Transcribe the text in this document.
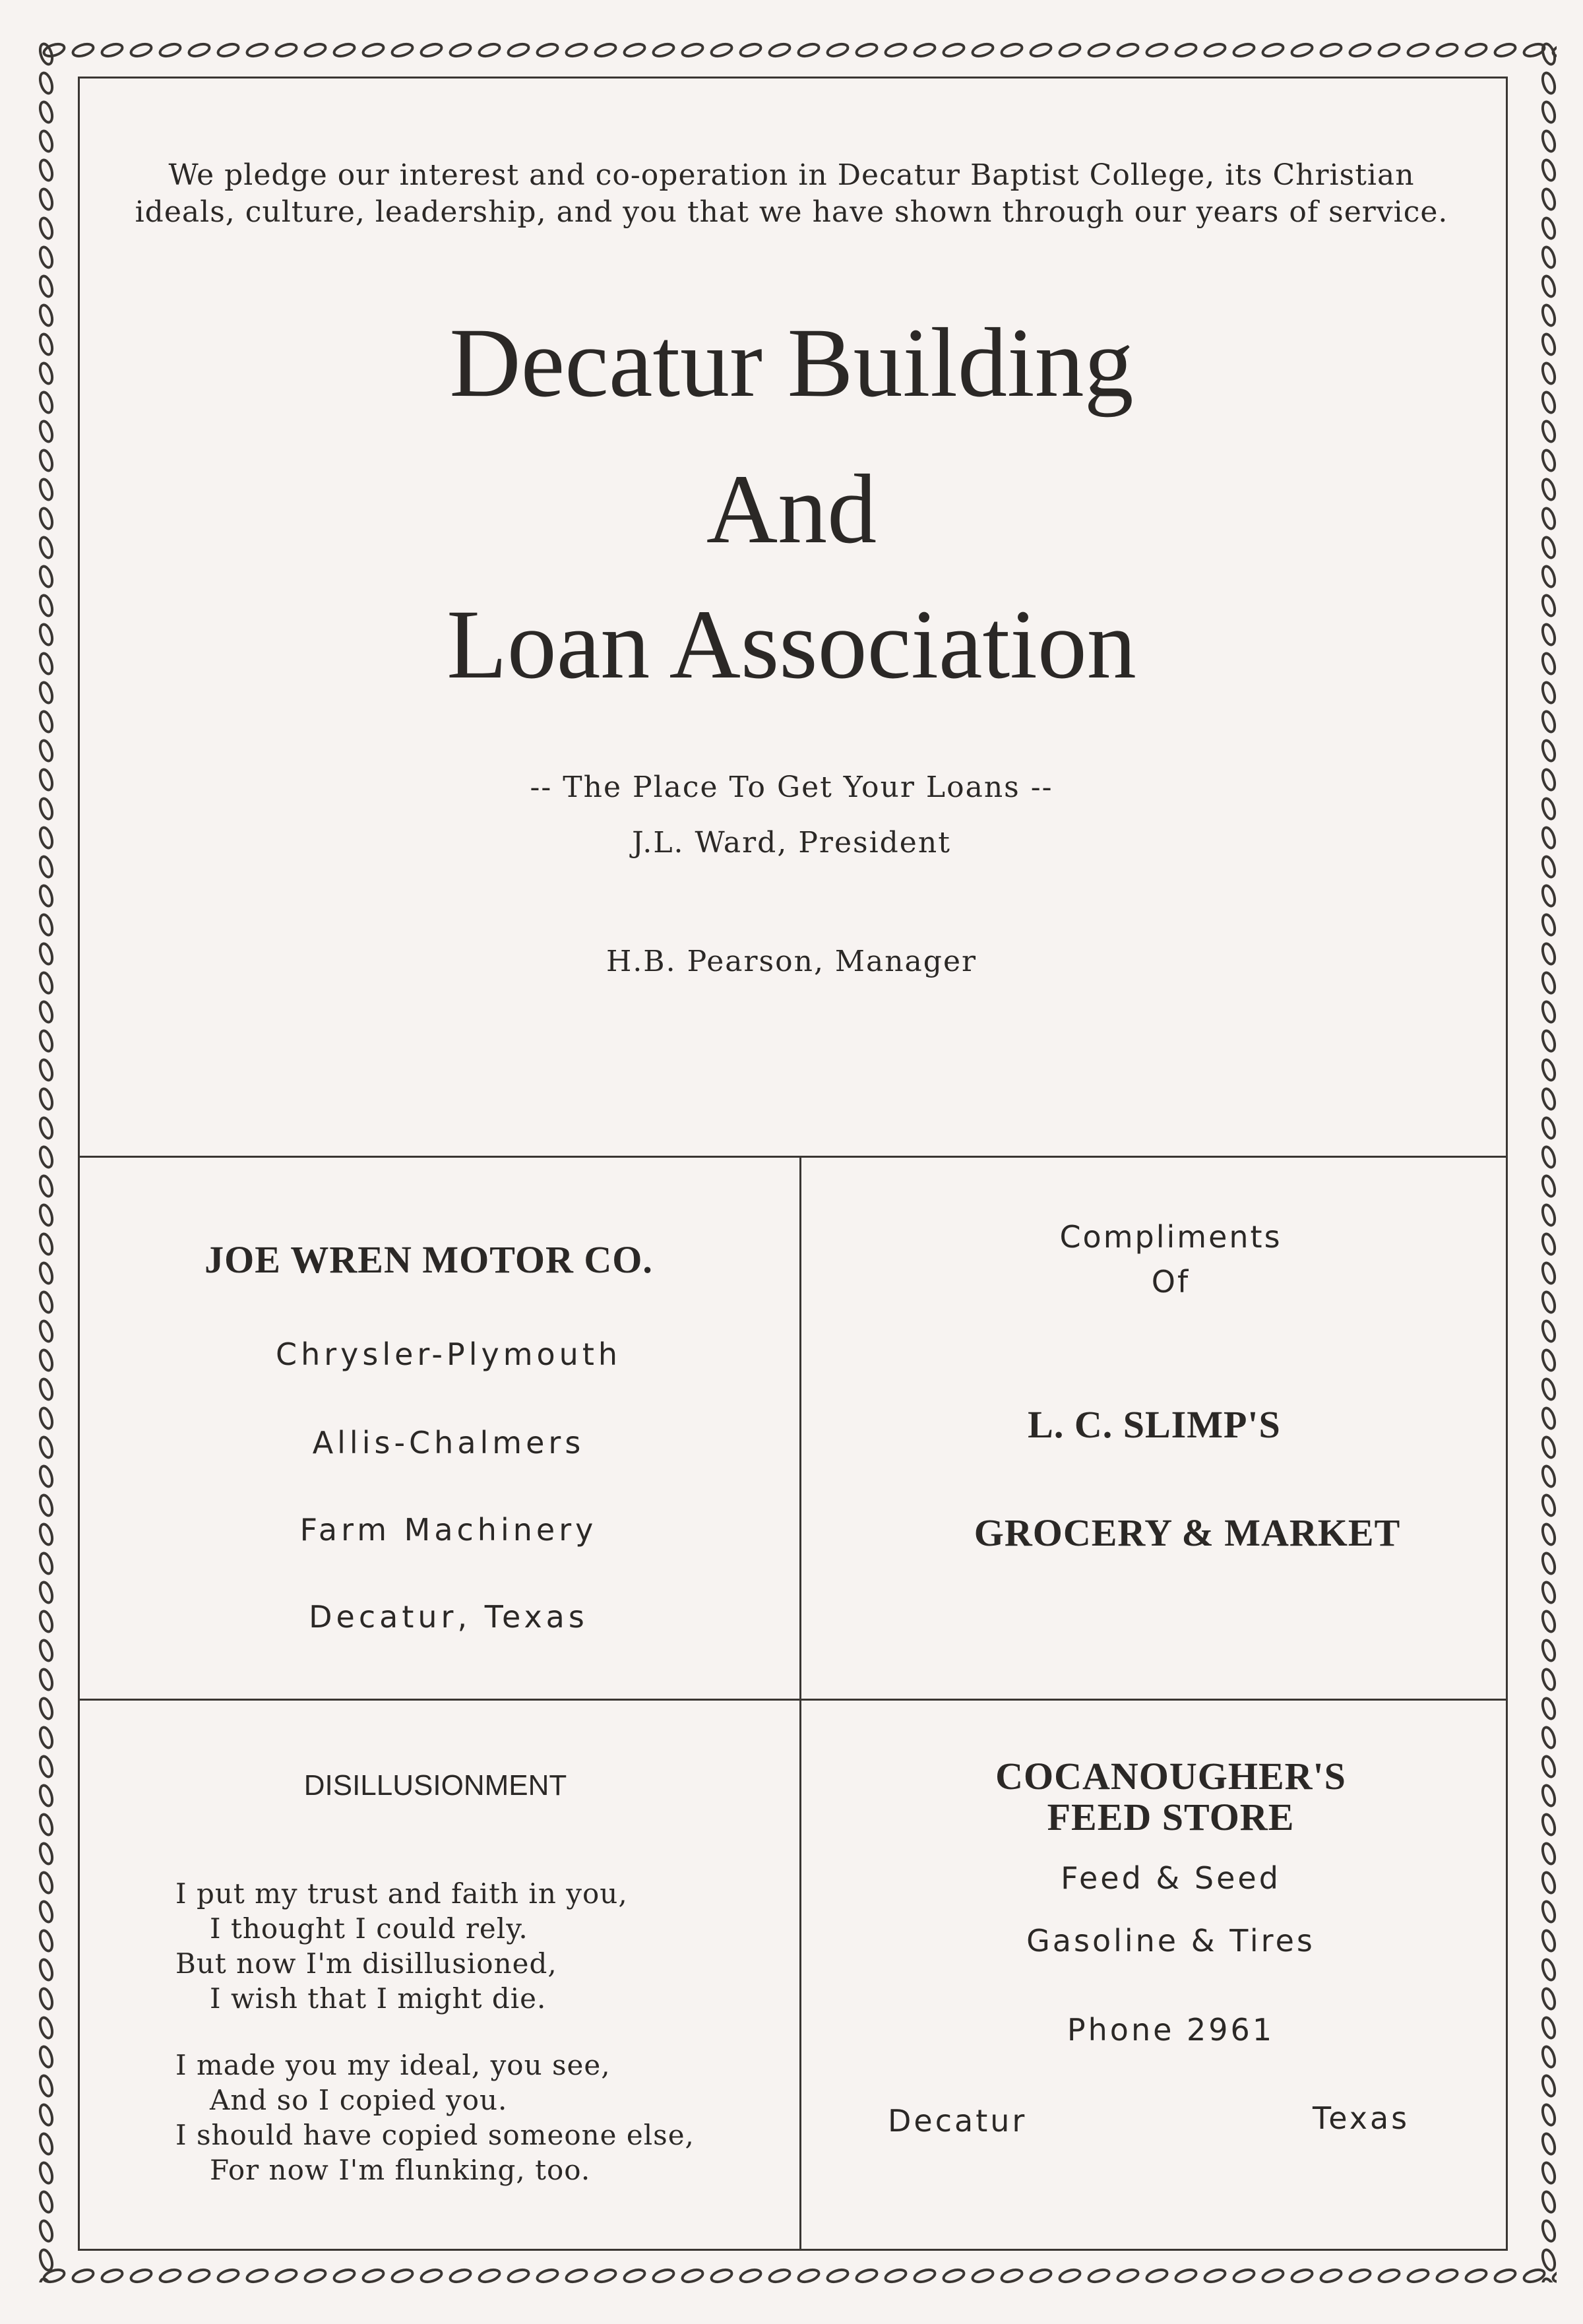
We pledge our interest and co-operation in Decatur Baptist College, its Christian
ideals, culture, leadership, and you that we have shown through our years of service.
Decatur Building
And
Loan Association
-- The Place To Get Your Loans --
J.L. Ward, President
H.B. Pearson, Manager
JOE WREN MOTOR CO.
Chrysler-Plymouth
Allis-Chalmers
Farm Machinery
Decatur, Texas
Compliments
Of
L. C. SLIMP'S
GROCERY & MARKET
DISILLUSIONMENT
I put my trust and faith in you,
I thought I could rely.
But now I'm disillusioned,
I wish that I might die.
I made you my ideal, you see,
And so I copied you.
I should have copied someone else,
For now I'm flunking, too.
COCANOUGHER'S
FEED STORE
Feed & Seed
Gasoline & Tires
Phone 2961
Decatur	Texas
